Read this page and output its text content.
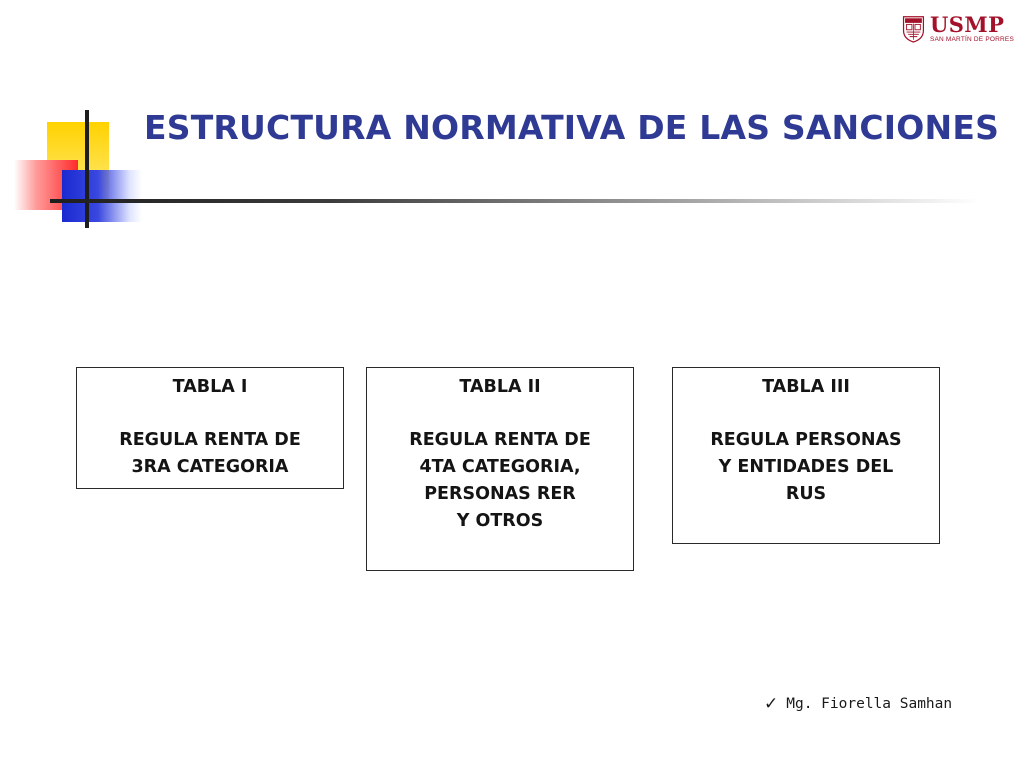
USMP
SAN MARTÍN DE PORRES
ESTRUCTURA NORMATIVA DE LAS SANCIONES
TABLA I
REGULA RENTA DE
3RA CATEGORIA
TABLA II
REGULA RENTA DE
4TA CATEGORIA,
PERSONAS RER
Y OTROS
TABLA III
REGULA PERSONAS
Y ENTIDADES DEL
RUS
✓ Mg. Fiorella Samhan
